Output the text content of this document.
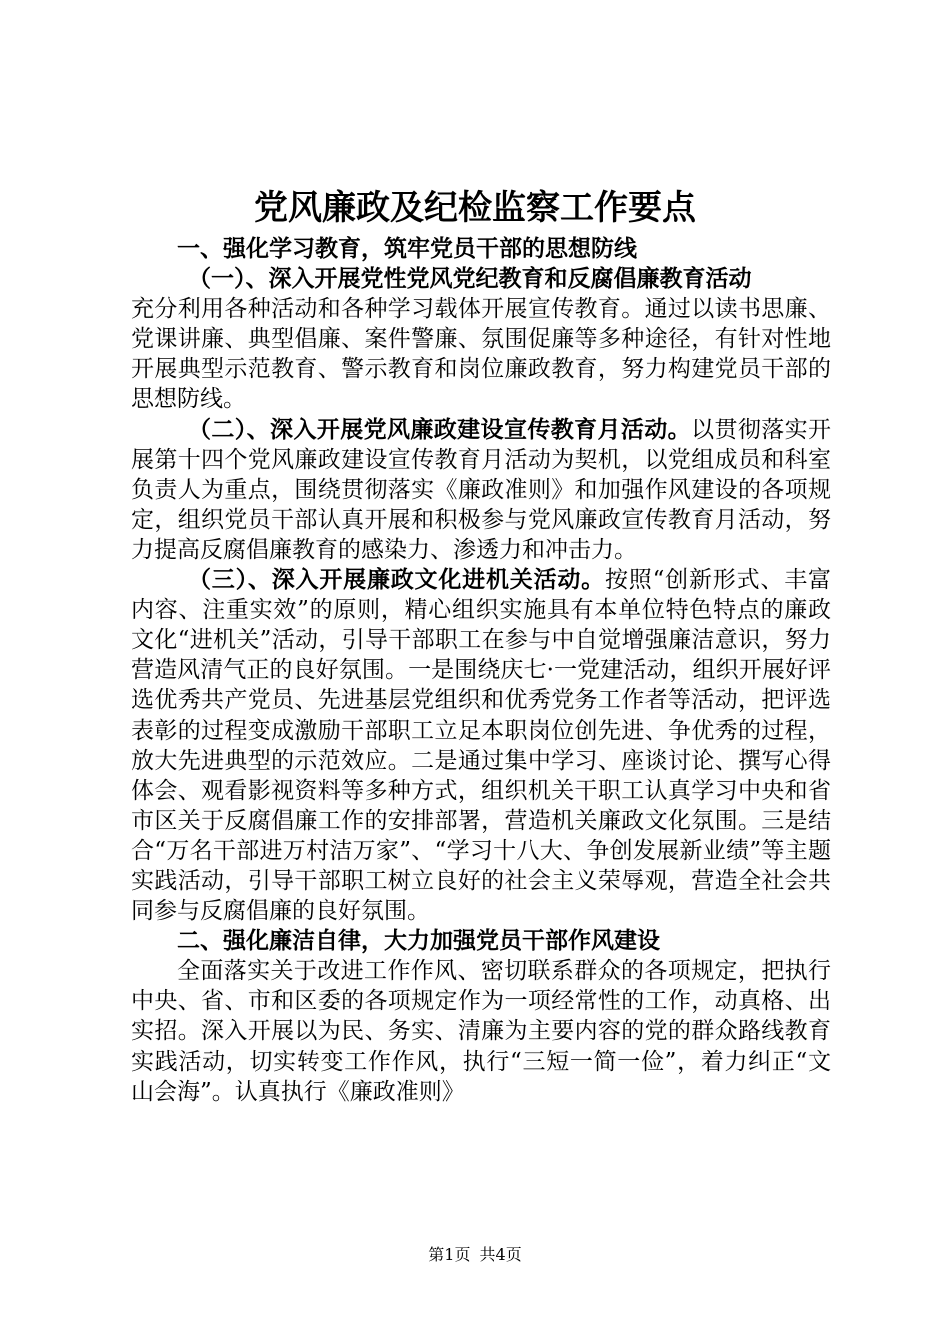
党风廉政及纪检监察工作要点

一、强化学习教育，筑牢党员干部的思想防线

（一）、深入开展党性党风党纪教育和反腐倡廉教育活动

充分利用各种活动和各种学习载体开展宣传教育。通过以读书思廉、党课讲廉、典型倡廉、案件警廉、氛围促廉等多种途径，有针对性地开展典型示范教育、警示教育和岗位廉政教育，努力构建党员干部的思想防线。

（二）、深入开展党风廉政建设宣传教育月活动。以贯彻落实开展第十四个党风廉政建设宣传教育月活动为契机，以党组成员和科室负责人为重点，围绕贯彻落实《廉政准则》和加强作风建设的各项规定，组织党员干部认真开展和积极参与党风廉政宣传教育月活动，努力提高反腐倡廉教育的感染力、渗透力和冲击力。

（三）、深入开展廉政文化进机关活动。按照“创新形式、丰富内容、注重实效”的原则，精心组织实施具有本单位特色特点的廉政文化“进机关”活动，引导干部职工在参与中自觉增强廉洁意识，努力营造风清气正的良好氛围。一是围绕庆七·一党建活动，组织开展好评选优秀共产党员、先进基层党组织和优秀党务工作者等活动，把评选表彰的过程变成激励干部职工立足本职岗位创先进、争优秀的过程，放大先进典型的示范效应。二是通过集中学习、座谈讨论、撰写心得体会、观看影视资料等多种方式，组织机关干职工认真学习中央和省市区关于反腐倡廉工作的安排部署，营造机关廉政文化氛围。三是结合“万名干部进万村洁万家”、“学习十八大、争创发展新业绩”等主题实践活动，引导干部职工树立良好的社会主义荣辱观，营造全社会共同参与反腐倡廉的良好氛围。

二、强化廉洁自律，大力加强党员干部作风建设

全面落实关于改进工作作风、密切联系群众的各项规定，把执行中央、省、市和区委的各项规定作为一项经常性的工作，动真格、出实招。深入开展以为民、务实、清廉为主要内容的党的群众路线教育实践活动，切实转变工作作风，执行“三短一简一俭”，着力纠正“文山会海”。认真执行《廉政准则》

第1页 共4页
